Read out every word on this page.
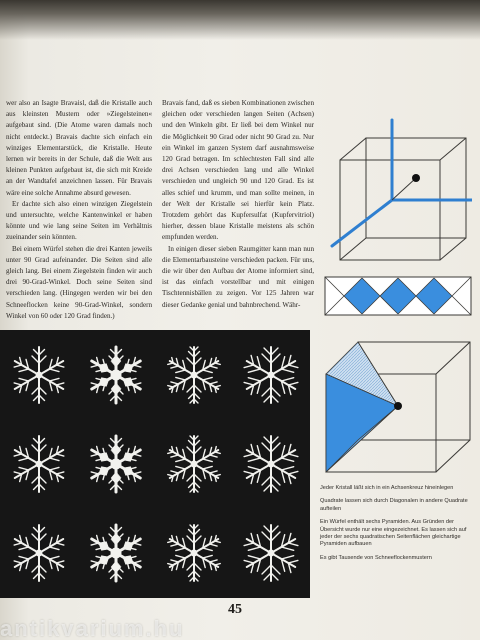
wer also an Isagte Bravaisl, daß die Kristalle auch aus kleinsten Mustern oder »Ziegelsteinen« aufgebaut sind. (Die Atome waren damals noch nicht entdeckt.) Bravais dachte sich einfach ein winziges Elementarstück, die Kristalle. Heute lernen wir bereits in der Schule, daß die Welt aus kleinen Punkten aufgebaut ist, die sich mit Kreide an der Wandtafel anzeichnen lassen. Für Bravais wäre eine solche Annahme absurd gewesen.

Er dachte sich also einen winzigen Ziegelstein und untersuchte, welche Kantenwinkel er haben könnte und wie lang seine Seiten im Verhältnis zueinander sein könnten.

Bei einem Würfel stehen die drei Kanten jeweils unter 90 Grad aufeinander. Die Seiten sind alle gleich lang. Bei einem Ziegelstein finden wir auch drei 90-Grad-Winkel. Doch seine Seiten sind verschieden lang. (Hingegen werden wir bei den Schneeflocken keine 90-Grad-Winkel, sondern Winkel von 60 oder 120 Grad finden.)

Bravais fand, daß es sieben Kombinationen zwischen gleichen oder verschieden langen Seiten (Achsen) und den Winkeln gibt. Er ließ bei dem Winkel nur die Möglichkeit 90 Grad oder nicht 90 Grad zu. Nur ein Winkel im ganzen System darf ausnahmsweise 120 Grad betragen. Im schlechtesten Fall sind alle drei Achsen verschieden lang und alle Winkel verschieden und ungleich 90 und 120 Grad. Es ist alles schief und krumm, und man sollte meinen, in der Welt der Kristalle sei hierfür kein Platz. Trotzdem gehört das Kupfersulfat (Kupfervitriol) hierher, dessen blaue Kristalle meistens als schön empfunden werden.

In einigen dieser sieben Raumgitter kann man nun die Elementarbausteine verschieden packen. Für uns, die wir über den Aufbau der Atome informiert sind, ist das einfach vorstellbar und mit einigen Tischtennisbällen zu zeigen. Vor 125 Jahren war dieser Gedanke genial und bahnbrechend. Währ-

Jeder Kristall läßt sich in ein Achsenkreuz hineinlegen

Quadrate lassen sich durch Diagonalen in andere Quadrate aufteilen

Ein Würfel enthält sechs Pyramiden. Aus Gründen der Übersicht wurde nur eine eingezeichnet. Es lassen sich auf jeder der sechs quadratischen Seitenflächen gleichartige Pyramiden aufbauen

Es gibt Tausende von Schneeflockenmustern

45
antikvarium.hu
